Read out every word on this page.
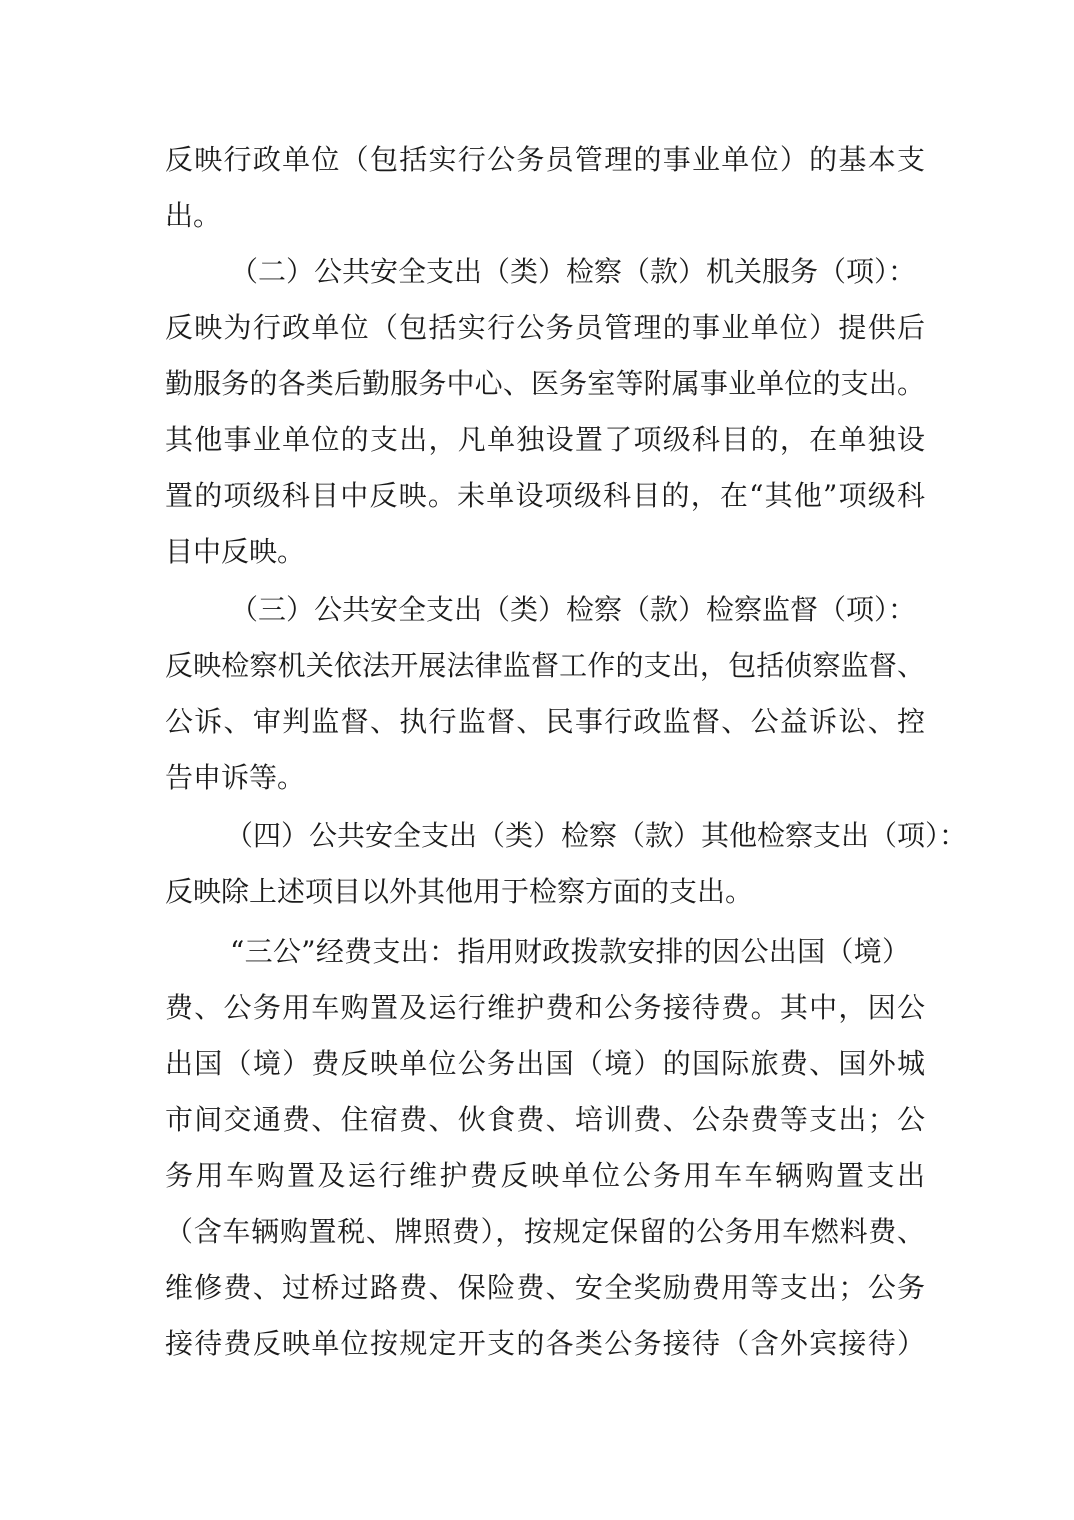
反映行政单位（包括实行公务员管理的事业单位）的基本支
出。
（二）公共安全支出（类）检察（款）机关服务（项）：
反映为行政单位（包括实行公务员管理的事业单位）提供后
勤服务的各类后勤服务中心、医务室等附属事业单位的支出。
其他事业单位的支出，凡单独设置了项级科目的，在单独设
置的项级科目中反映。未单设项级科目的，在“其他”项级科
目中反映。
（三）公共安全支出（类）检察（款）检察监督（项）：
反映检察机关依法开展法律监督工作的支出，包括侦察监督、
公诉、审判监督、执行监督、民事行政监督、公益诉讼、控
告申诉等。
（四）公共安全支出（类）检察（款）其他检察支出（项）：
反映除上述项目以外其他用于检察方面的支出。
“三公”经费支出：指用财政拨款安排的因公出国（境）
费、公务用车购置及运行维护费和公务接待费。其中，因公
出国（境）费反映单位公务出国（境）的国际旅费、国外城
市间交通费、住宿费、伙食费、培训费、公杂费等支出；公
务用车购置及运行维护费反映单位公务用车车辆购置支出
（含车辆购置税、牌照费），按规定保留的公务用车燃料费、
维修费、过桥过路费、保险费、安全奖励费用等支出；公务
接待费反映单位按规定开支的各类公务接待（含外宾接待）
